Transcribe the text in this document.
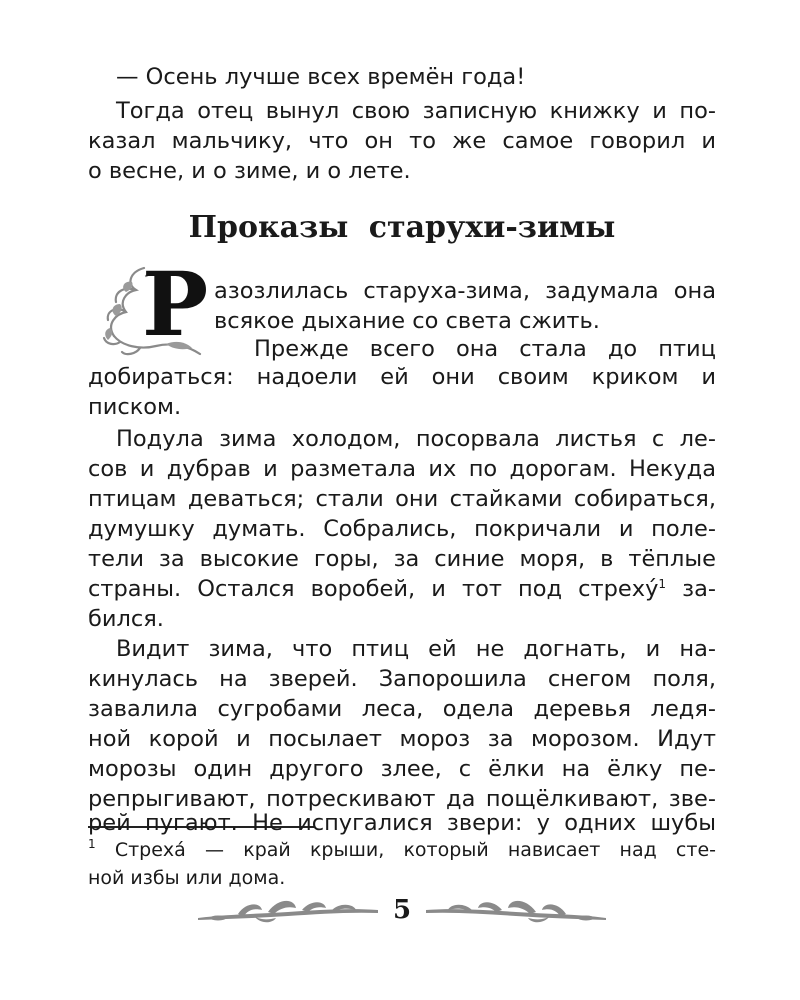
— Осень лучше всех времён года!
Тогда отец вынул свою записную книжку и по-
казал мальчику, что он то же самое говорил и
о весне, и о зиме, и о лете.
Проказы старухи-зимы
Р азозлилась старуха-зима, задумала она
всякое дыхание со света сжить.
Прежде всего она стала до птиц
добираться: надоели ей они своим криком и
писком.
Подула зима холодом, посорвала листья с ле-
сов и дубрав и разметала их по дорогам. Некуда
птицам деваться; стали они стайками собираться,
думушку думать. Собрались, покричали и поле-
тели за высокие горы, за синие моря, в тёплые
страны. Остался воробей, и тот под стреху́$^1$ за-
бился.
Видит зима, что птиц ей не догнать, и на-
кинулась на зверей. Запорошила снегом поля,
завалила сугробами леса, одела деревья ледя-
ной корой и посылает мороз за морозом. Идут
морозы один другого злее, с ёлки на ёлку пе-
репрыгивают, потрескивают да пощёлкивают, зве-
$^1$ Стреха́ — край крыши, который нависает над сте-
ной избы или дома.
5
рей пугают. Не испугалися звери: у одних шубы
